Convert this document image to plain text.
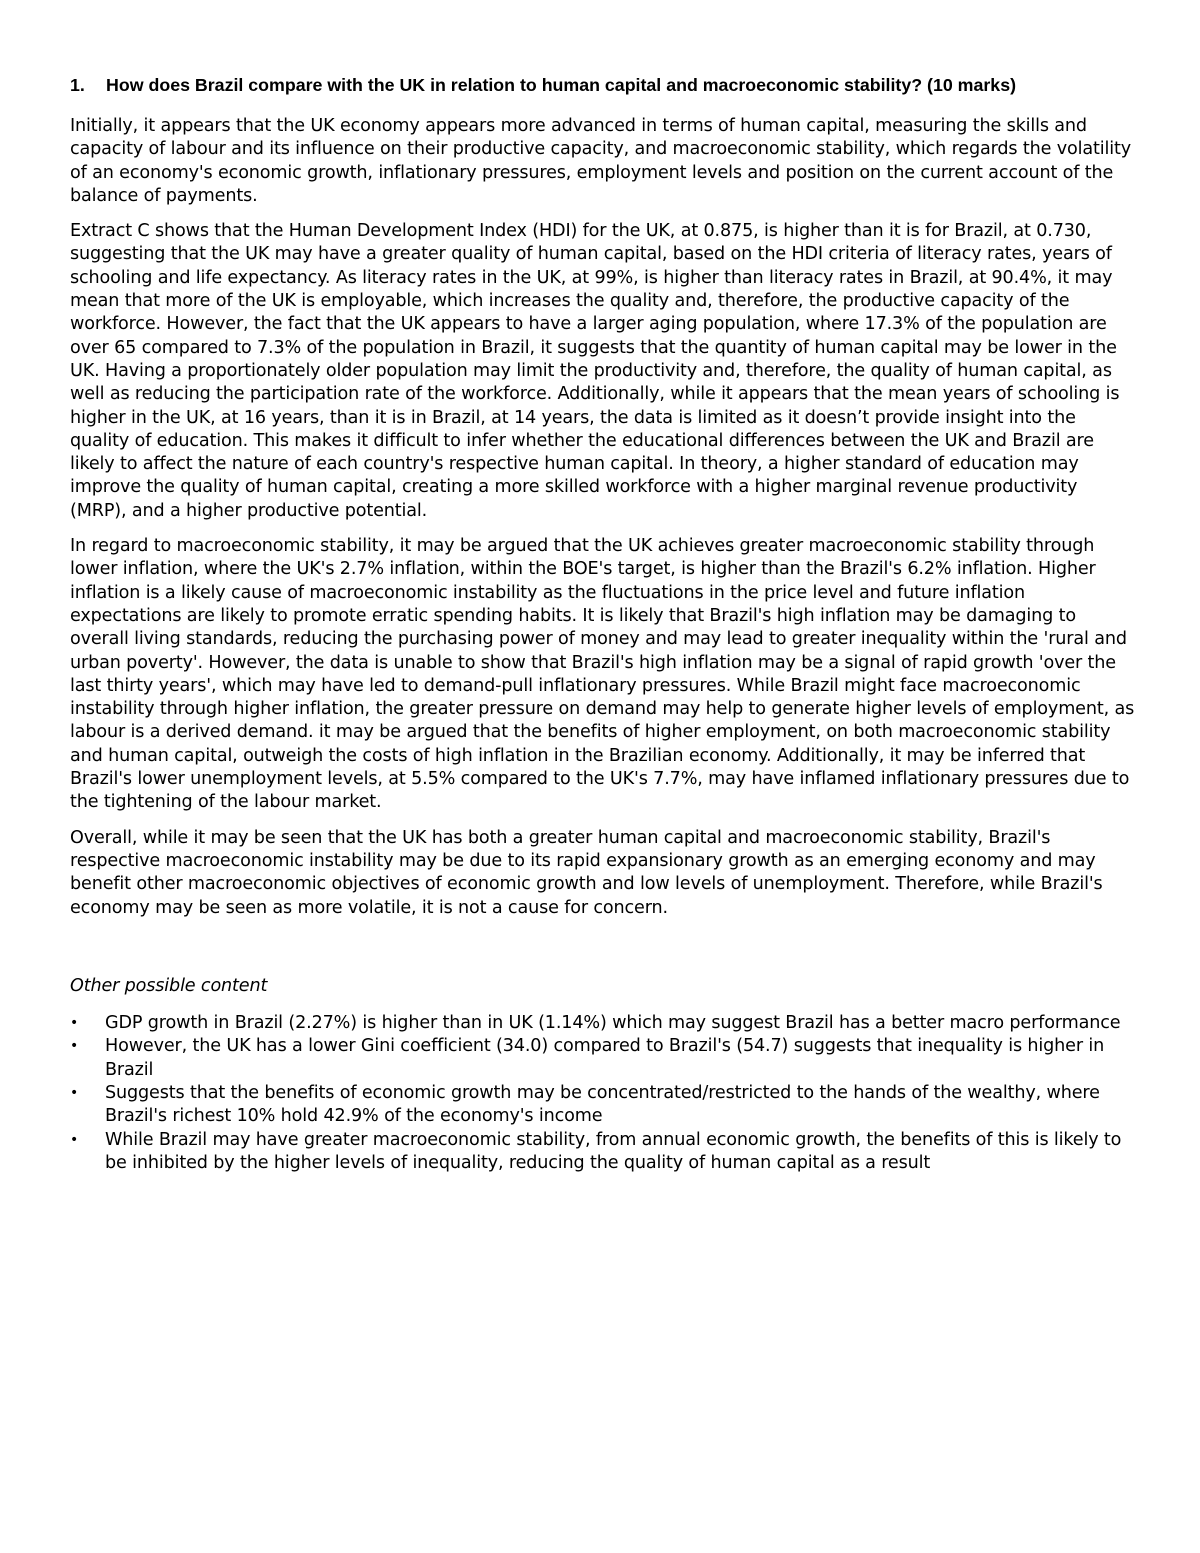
1.	How does Brazil compare with the UK in relation to human capital and macroeconomic stability? (10 marks)

Initially, it appears that the UK economy appears more advanced in terms of human capital, measuring the skills and capacity of labour and its influence on their productive capacity, and macroeconomic stability, which regards the volatility of an economy's economic growth, inflationary pressures, employment levels and position on the current account of the balance of payments.

Extract C shows that the Human Development Index (HDI) for the UK, at 0.875, is higher than it is for Brazil, at 0.730, suggesting that the UK may have a greater quality of human capital, based on the HDI criteria of literacy rates, years of schooling and life expectancy. As literacy rates in the UK, at 99%, is higher than literacy rates in Brazil, at 90.4%, it may mean that more of the UK is employable, which increases the quality and, therefore, the productive capacity of the workforce. However, the fact that the UK appears to have a larger aging population, where 17.3% of the population are over 65 compared to 7.3% of the population in Brazil, it suggests that the quantity of human capital may be lower in the UK. Having a proportionately older population may limit the productivity and, therefore, the quality of human capital, as well as reducing the participation rate of the workforce. Additionally, while it appears that the mean years of schooling is higher in the UK, at 16 years, than it is in Brazil, at 14 years, the data is limited as it doesn’t provide insight into the quality of education. This makes it difficult to infer whether the educational differences between the UK and Brazil are likely to affect the nature of each country's respective human capital. In theory, a higher standard of education may improve the quality of human capital, creating a more skilled workforce with a higher marginal revenue productivity (MRP), and a higher productive potential.

In regard to macroeconomic stability, it may be argued that the UK achieves greater macroeconomic stability through lower inflation, where the UK's 2.7% inflation, within the BOE's target, is higher than the Brazil's 6.2% inflation. Higher inflation is a likely cause of macroeconomic instability as the fluctuations in the price level and future inflation expectations are likely to promote erratic spending habits. It is likely that Brazil's high inflation may be damaging to overall living standards, reducing the purchasing power of money and may lead to greater inequality within the 'rural and urban poverty'. However, the data is unable to show that Brazil's high inflation may be a signal of rapid growth 'over the last thirty years', which may have led to demand-pull inflationary pressures. While Brazil might face macroeconomic instability through higher inflation, the greater pressure on demand may help to generate higher levels of employment, as labour is a derived demand. it may be argued that the benefits of higher employment, on both macroeconomic stability and human capital, outweigh the costs of high inflation in the Brazilian economy. Additionally, it may be inferred that Brazil's lower unemployment levels, at 5.5% compared to the UK's 7.7%, may have inflamed inflationary pressures due to the tightening of the labour market.

Overall, while it may be seen that the UK has both a greater human capital and macroeconomic stability, Brazil's respective macroeconomic instability may be due to its rapid expansionary growth as an emerging economy and may benefit other macroeconomic objectives of economic growth and low levels of unemployment. Therefore, while Brazil's economy may be seen as more volatile, it is not a cause for concern.

Other possible content
• GDP growth in Brazil (2.27%) is higher than in UK (1.14%) which may suggest Brazil has a better macro performance
• However, the UK has a lower Gini coefficient (34.0) compared to Brazil's (54.7) suggests that inequality is higher in Brazil
• Suggests that the benefits of economic growth may be concentrated/restricted to the hands of the wealthy, where Brazil's richest 10% hold 42.9% of the economy's income
• While Brazil may have greater macroeconomic stability, from annual economic growth, the benefits of this is likely to be inhibited by the higher levels of inequality, reducing the quality of human capital as a result
